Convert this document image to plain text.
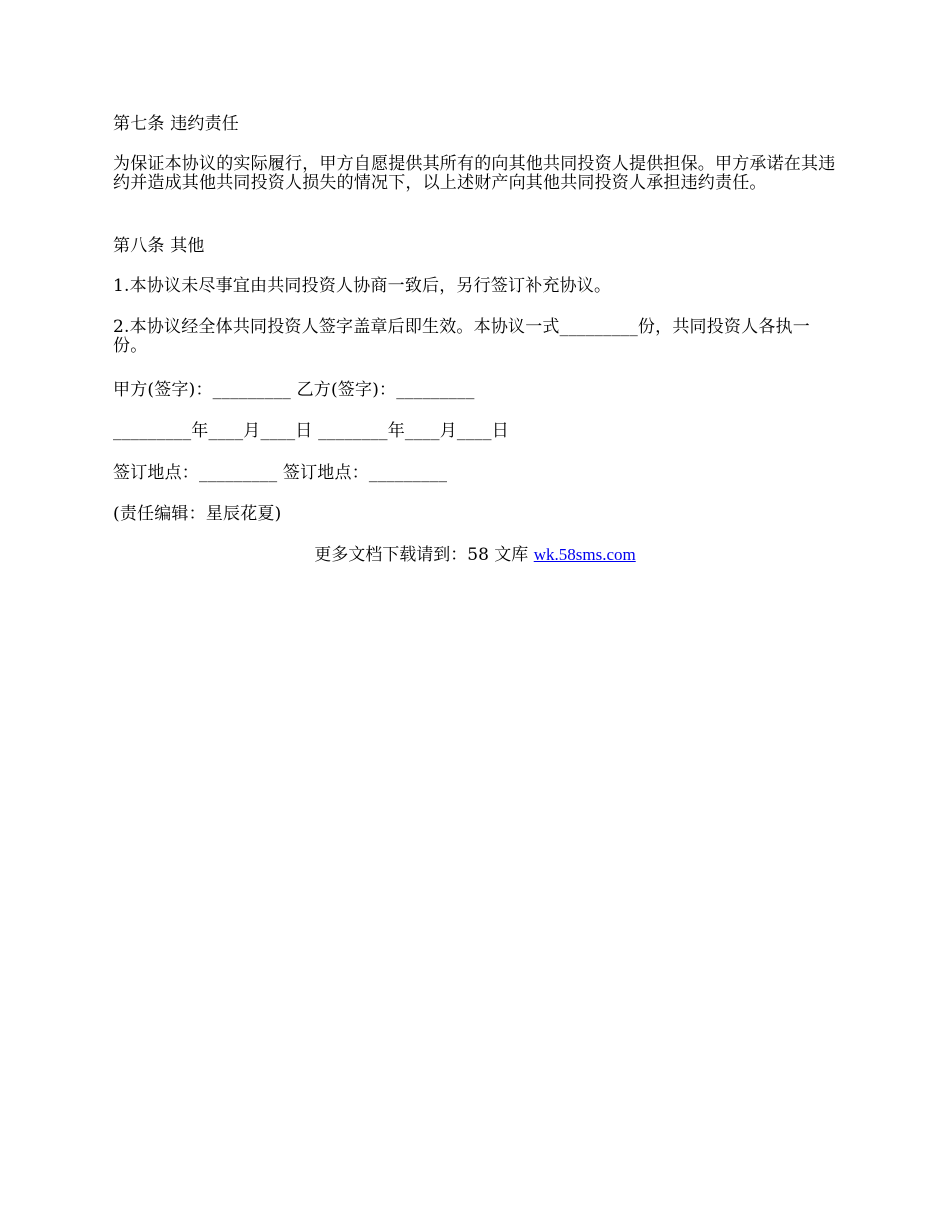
第七条 违约责任

为保证本协议的实际履行，甲方自愿提供其所有的向其他共同投资人提供担保。甲方承诺在其违约并造成其他共同投资人损失的情况下，以上述财产向其他共同投资人承担违约责任。

第八条 其他

1.本协议未尽事宜由共同投资人协商一致后，另行签订补充协议。

2.本协议经全体共同投资人签字盖章后即生效。本协议一式_________份，共同投资人各执一份。

甲方(签字)：_________ 乙方(签字)：_________

_________年____月____日 ________年____月____日

签订地点：_________ 签订地点：_________

(责任编辑：星辰花夏)

更多文档下载请到：58 文库 wk.58sms.com
